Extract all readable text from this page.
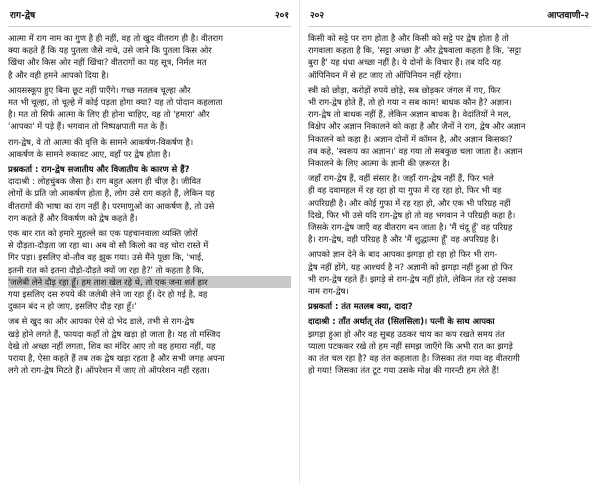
राग-द्वेष	२०१
आत्मा में राग नाम का गुण है ही नहीं, वह तो खुद वीतराग ही है। वीतराग
क्या कहते हैं कि यह पुतला जैसे नाचे, उसे जाने कि पुतला किस ओर
खिंचा और किस ओर नहीं खिंचा? वीतरागों का यह सूत्र, निर्मल मत
है और वही हमने आपको दिया है।
आयसस्कूप हुए बिना छूट नहीं पाएँगे। गच्छ मतलब चूल्हा और
मत भी चूल्हा, तो चूल्हे में कोई पड़ता होगा क्या? यह तो पोदान कहलाता
है। मत तो सिर्फ आत्मा के लिए ही होना चाहिए, वह तो 'हमारा' और
'आपका' में पड़े हैं। भगवान तो निष्पक्षपाती मत के हैं।
राग-द्वेष, वे तो आत्मा की वृत्ति के सामने आकर्षण-विकर्षण है।
आकर्षण के सामने रुकावट आए, वहाँ पर द्वेष होता है।
प्रश्नकर्ता : राग-द्वेष सजातीय और विजातीय के कारण से हैं?
दादाश्री : लोहचुंबक जैसा है। राग बहुत अलग ही चीज़ है। जीवित
लोगों के प्रति जो आकर्षण होता है, लोग उसे राग कहते हैं, लेकिन यह
वीतरागों की भाषा का राग नहीं है। परमाणुओं का आकर्षण है, तो उसे
राग कहते हैं और विकर्षण को द्वेष कहते हैं।
एक बार रात को हमारे मुहल्ले का एक पहचानवाला व्यक्ति ज़ोरों
से दौड़ता-दौड़ता जा रहा था। अब वो सौ किलो का वह चोरा रास्ते में
गिर पड़ा। इसलिए वो-तौव वह झुक गया। उसे मैंने पूछा कि, 'भाई,
इतनी रात को इतना दौड़ो-दौड़ते क्यों जा रहा है?' तो कहता है कि,
'जलेबी लेने दौड़ रहा हूँ। हम ताश खेल रहे थे, तो एक जना शर्त हार
गया इसलिए दस रुपये की जलेबी लेने जा रहा हूँ। देर हो गई है, वह
दुकान बंद न हो जाए, इसलिए दौड़ रहा हूँ।'
जब से खुद का और आपका ऐसे दो भेद डाले, तभी से राग-द्वेष
खड़े होने लगते हैं, फायदा कहाँ तो द्वेष खड़ा हो जाता है। यह तो मस्जिद
देखे तो अच्छा नहीं लगता, शिव का मंदिर आए तो वह हमारा नहीं, यह
पराया है, ऐसा कहते हैं तब तक द्वेष खड़ा रहता है और सभी जगह अपना
लगे तो राग-द्वेष मिटते हैं। ऑपरेशन में जाए तो ऑपरेशन नहीं रहता।
२०२	आप्तवाणी-२
किसी को सट्टे पर राग होता है और किसी को सट्टे पर द्वेष होता है तो
रागवाला कहता है कि, 'सट्टा अच्छा है' और द्वेषवाला कहता है कि, 'सट्टा
बुरा है' यह धंधा अच्छा नहीं है। ये दोनों के विचार हैं। तब यदि यह
ऑपिनियन में से हट जाए तो ऑपिनियन नहीं रहेगा।
स्त्री को छोड़ा, करोड़ों रुपये छोड़े, सब छोड़कर जंगल में गए, फिर
भी राग-द्वेष होते हैं, तो हो गया न सब काम! बाधक कौन है? अज्ञान।
राग-द्वेष तो बाधक नहीं हैं, लेकिन अज्ञान बाधक है। वेदांतियों ने मल,
विक्षेप और अज्ञान निकालने को कहा है और जैनों ने राग, द्वेष और अज्ञान
निकालने को कहा है। अज्ञान दोनों में कॉमन है, और अज्ञान किसका?
तब कहे, 'स्वरूप का अज्ञान।' वह गया तो सबकुछ चला जाता है। अज्ञान
निकालने के लिए आत्मा के ज्ञानी की ज़रूरत है।
जहाँ राग-द्वेष हैं, वहीं संसार है। जहाँ राग-द्वेष नहीं हैं, फिर भले
ही वह दवामहल में रह रहा हो या गुफा में रह रहा हो, फिर भी वह
अपरिग्रही है। और कोई गुफा में रह रहा हो, और एक भी परिग्रह नहीं
दिखे, फिर भी उसे यदि राग-द्वेष हो तो वह भगवान ने परिग्रही कहा है।
जिसके राग-द्वेष जाएँ वह वीतराग बन जाता है। 'मैं चंदू हूँ' वह परिग्रह
है। राग-द्वेष, वही परिग्रह है और 'मैं शुद्धात्मा हूँ' वह अपरिग्रह है।
आपको ज्ञान देने के बाद आपका झगड़ा हो रहा हो फिर भी राग-
द्वेष नहीं होंगे, यह आश्चर्य है न? अज्ञानी को झगड़ा नहीं हुआ हो फिर
भी राग-द्वेष रहते हैं। झगड़े से राग-द्वेष नहीं होते, लेकिन तंत रहे उसका
नाम राग-द्वेष।
प्रश्नकर्ता : तंत मतलब क्या, दादा?
दादाश्री : ताँत अर्थात् तंत (सिलसिला)। पत्नी के साथ आपका
झगड़ा हुआ हो और वह सुबह उठकर चाय का कप रखते समय तंत
प्याला पटककर रखे तो हम नहीं समझ जाएँगे कि अभी रात का झगड़े
का तंत चल रहा है? वह तंत कहलाता है। जिसका तंत गया वह वीतरागी
हो गया! जिसका तंत टूट गया उसके मोक्ष की गारन्टी हम लेते हैं!
